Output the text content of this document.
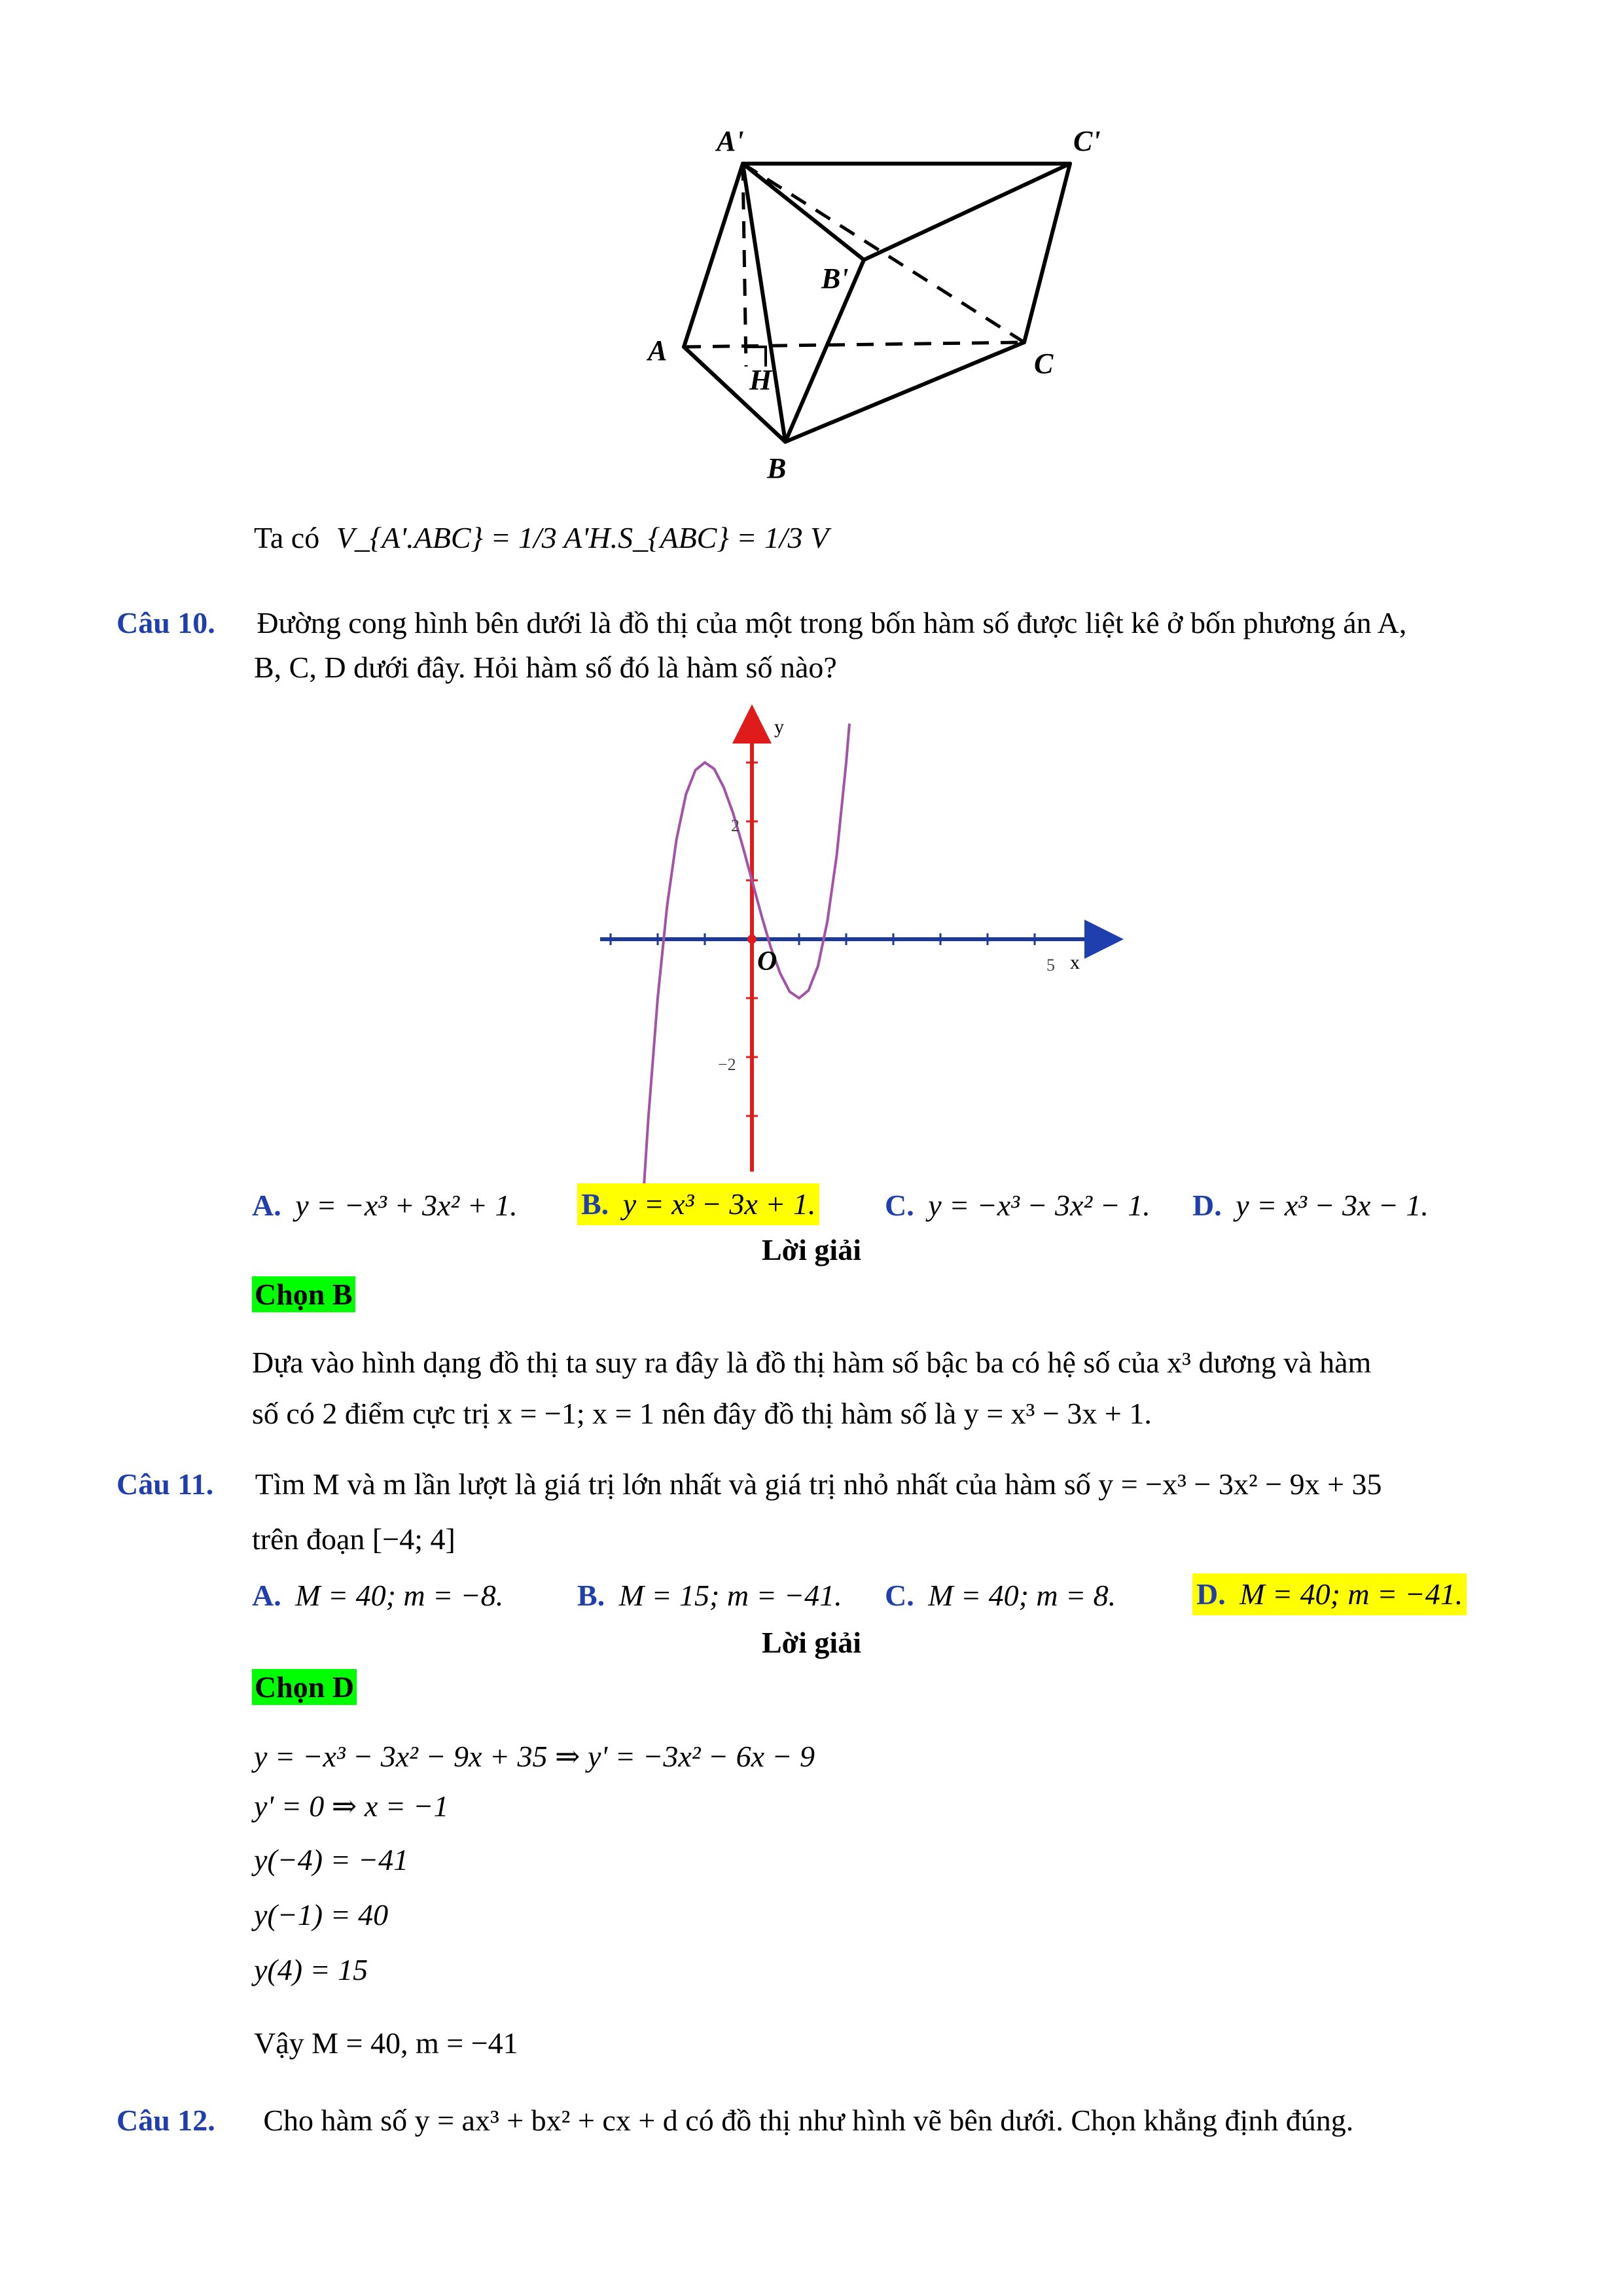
A'	C'
B'
A	C
H
B
Ta có V_{A'.ABC} = 1/3 A'H.S_{ABC} = 1/3 V
Câu 10. Đường cong hình bên dưới là đồ thị của một trong bốn hàm số được liệt kê ở bốn phương án A,
B, C, D dưới đây. Hỏi hàm số đó là hàm số nào?
y
x
O
2
−2
5
A. y = −x³ + 3x² + 1. B. y = x³ − 3x + 1. C. y = −x³ − 3x² − 1. D. y = x³ − 3x − 1.
Lời giải
Chọn B
Dựa vào hình dạng đồ thị ta suy ra đây là đồ thị hàm số bậc ba có hệ số của x³ dương và hàm
số có 2 điểm cực trị x = −1; x = 1 nên đây đồ thị hàm số là y = x³ − 3x + 1.
Câu 11. Tìm M và m lần lượt là giá trị lớn nhất và giá trị nhỏ nhất của hàm số y = −x³ − 3x² − 9x + 35
trên đoạn [−4; 4]
A. M = 40; m = −8. B. M = 15; m = −41. C. M = 40; m = 8.	D. M = 40; m = −41.
Lời giải
Chọn D
y = −x³ − 3x² − 9x + 35 ⇒ y' = −3x² − 6x − 9
y' = 0 ⇒ x = −1
y(−4) = −41
y(−1) = 40
y(4) = 15
Vậy M = 40, m = −41
Câu 12. Cho hàm số y = ax³ + bx² + cx + d có đồ thị như hình vẽ bên dưới. Chọn khẳng định đúng.
